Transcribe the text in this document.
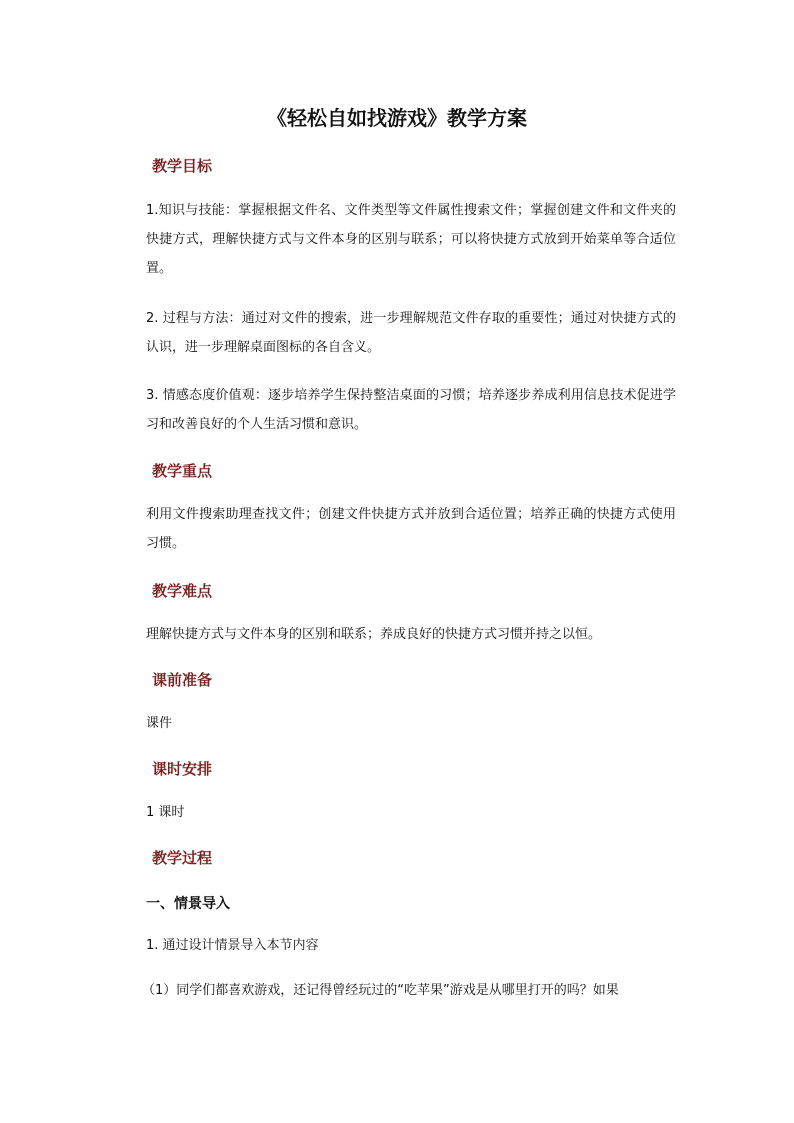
《轻松自如找游戏》教学方案
教学目标
1.知识与技能：掌握根据文件名、文件类型等文件属性搜索文件；掌握创建文件和文件夹的快捷方式，理解快捷方式与文件本身的区别与联系；可以将快捷方式放到开始菜单等合适位置。
2. 过程与方法：通过对文件的搜索，进一步理解规范文件存取的重要性；通过对快捷方式的认识，进一步理解桌面图标的各自含义。
3. 情感态度价值观：逐步培养学生保持整洁桌面的习惯；培养逐步养成利用信息技术促进学习和改善良好的个人生活习惯和意识。
教学重点
利用文件搜索助理查找文件；创建文件快捷方式并放到合适位置；培养正确的快捷方式使用习惯。
教学难点
理解快捷方式与文件本身的区别和联系；养成良好的快捷方式习惯并持之以恒。
课前准备
课件
课时安排
1 课时
教学过程
一、情景导入
1. 通过设计情景导入本节内容
（1）同学们都喜欢游戏，还记得曾经玩过的“吃苹果”游戏是从哪里打开的吗？如果
